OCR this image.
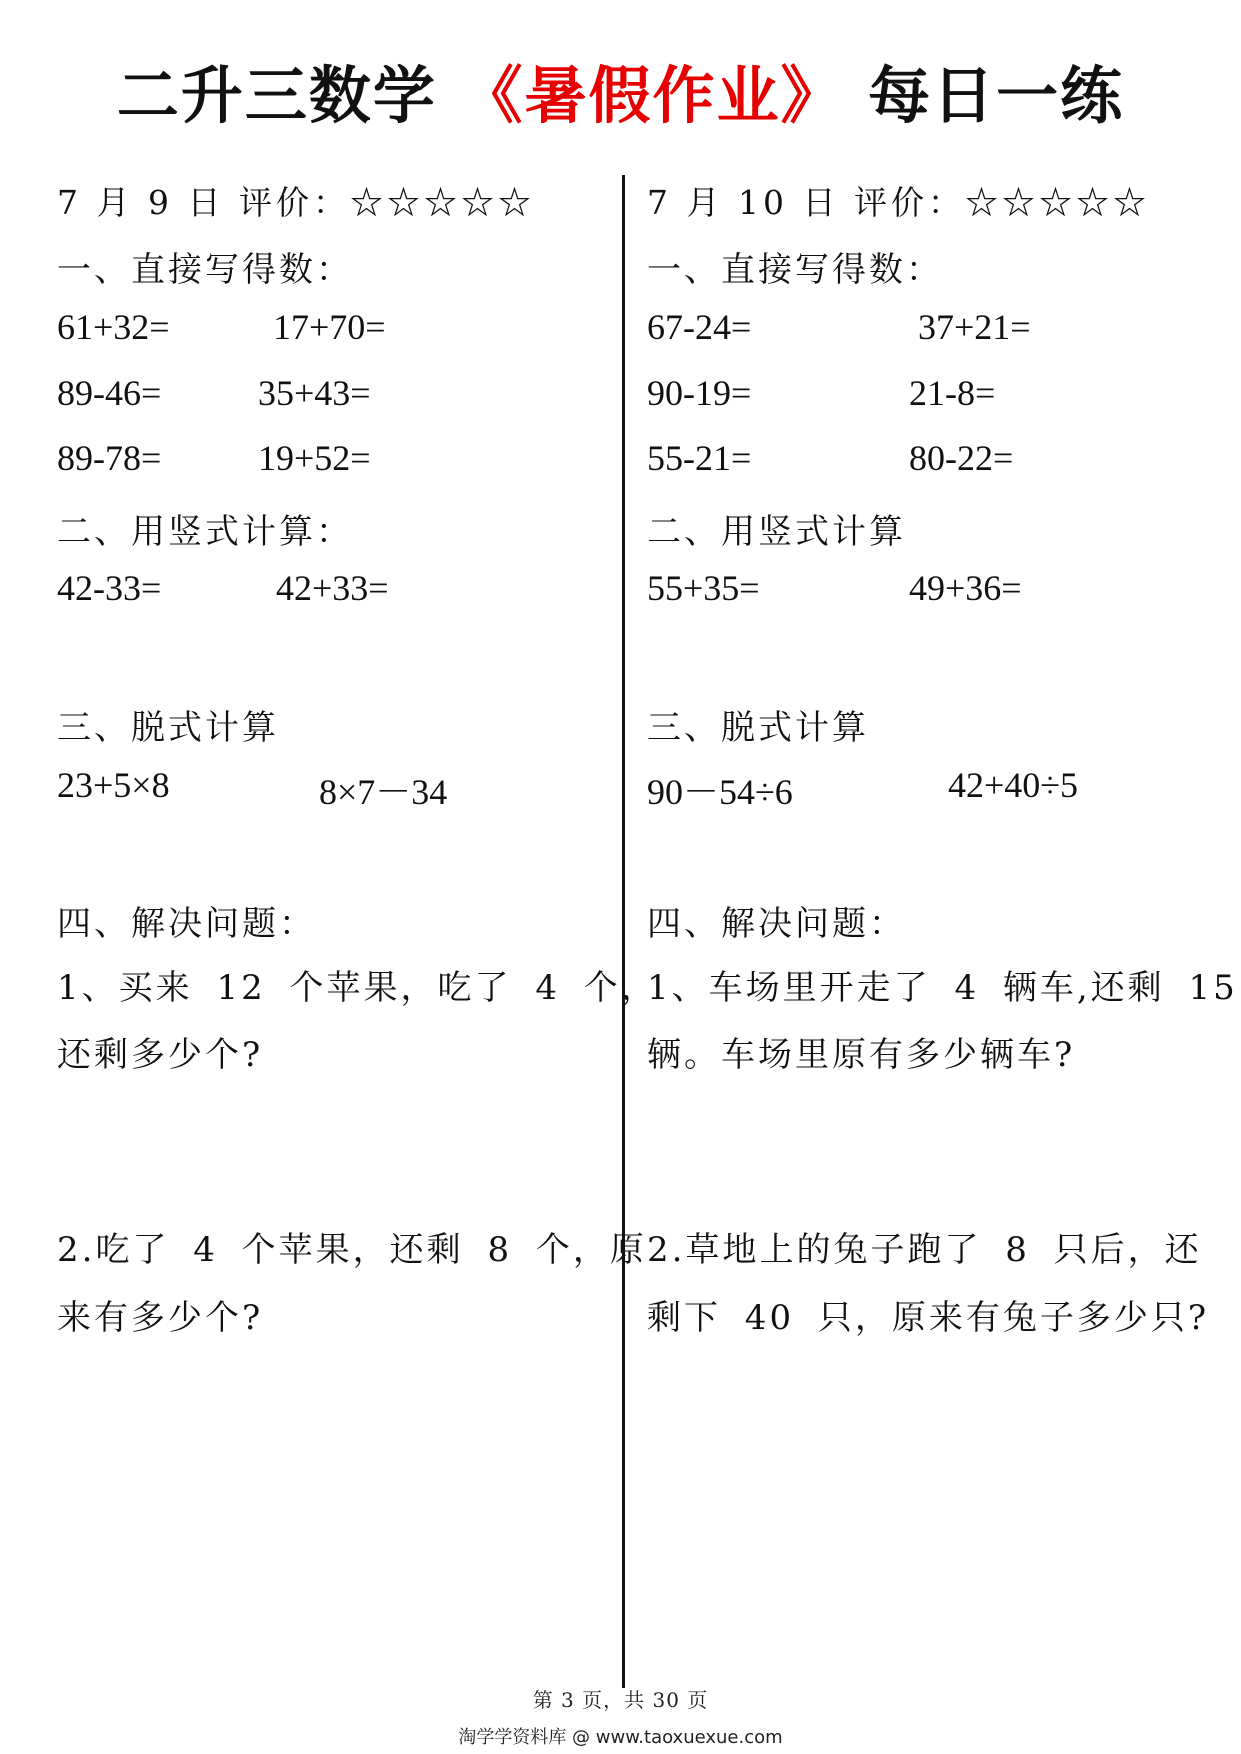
二升三数学 《暑假作业》 每日一练
7 月 9 日 评价：☆☆☆☆☆
一、直接写得数：
61+32=	17+70=
89-46=	35+43=
89-78=	19+52=
二、用竖式计算：
42-33=	42+33=
三、脱式计算
23+5×8	8×7－34
四、解决问题：
1、买来 12 个苹果，吃了 4 个，
还剩多少个?
2.吃了 4 个苹果，还剩 8 个，原
来有多少个?
7 月 10 日 评价：☆☆☆☆☆
一、直接写得数：
67-24=	37+21=
90-19=	21-8=
55-21=	80-22=
二、用竖式计算
55+35=	49+36=
三、脱式计算
90－54÷6	42+40÷5
四、解决问题：
1、车场里开走了 4 辆车,还剩 15
辆。车场里原有多少辆车?
2.草地上的兔子跑了 8 只后，还
剩下 40 只，原来有兔子多少只?
第 3 页，共 30 页
淘学学资料库 @ www.taoxuexue.com
